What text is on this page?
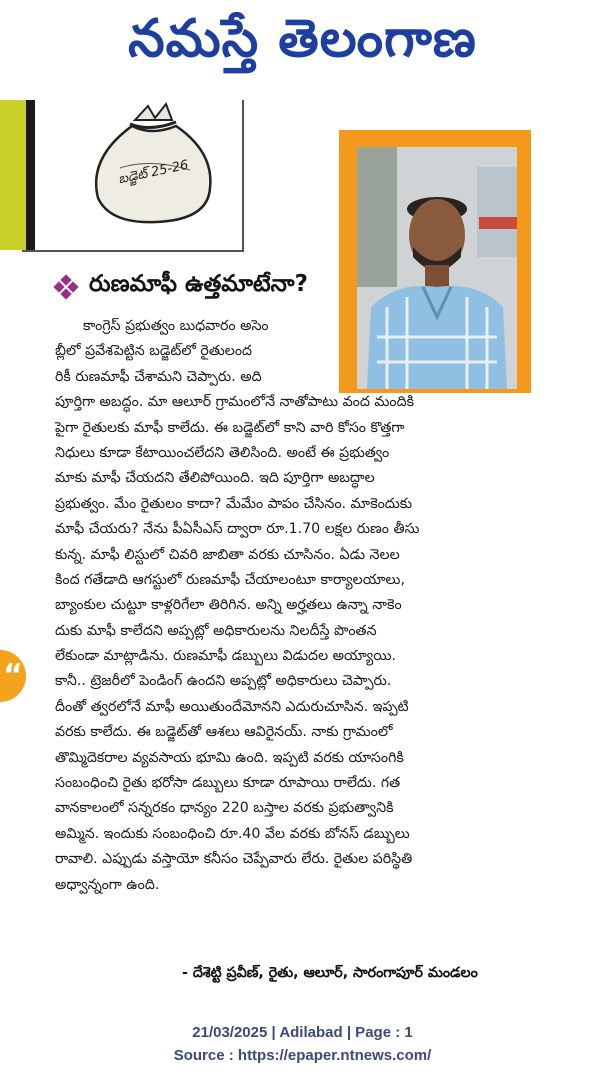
నమస్తే తెలంగాణ
బడ్జెట్ 25-26
రుణమాఫీ ఉత్తమాటేనా?
“
కాంగ్రెస్ ప్రభుత్వం బుధవారం అసెం
బ్లీలో ప్రవేశపెట్టిన బడ్జెట్‌లో రైతులంద
రికీ రుణమాఫీ చేశామని చెప్పారు. అది
పూర్తిగా అబద్ధం. మా ఆలూర్ గ్రామంలోనే నాతోపాటు వంద మందికి
పైగా రైతులకు మాఫీ కాలేదు. ఈ బడ్జెట్‌లో కాని వారి కోసం కొత్తగా
నిధులు కూడా కేటాయించలేదని తెలిసింది. అంటే ఈ ప్రభుత్వం
మాకు మాఫీ చేయదని తేలిపోయింది. ఇది పూర్తిగా అబద్ధాల
ప్రభుత్వం. మేం రైతులం కాదా? మేమేం పాపం చేసినం. మాకెందుకు
మాఫీ చేయరు? నేను పీఏసీఎస్ ద్వారా రూ.1.70 లక్షల రుణం తీసు
కున్న. మాఫీ లిస్టులో చివరి జాబితా వరకు చూసినం. ఏడు నెలల
కింద గతేడాది ఆగస్టులో రుణమాఫీ చేయాలంటూ కార్యాలయాలు,
బ్యాంకుల చుట్టూ కాళ్లరిగేలా తిరిగిన. అన్ని అర్హతలు ఉన్నా నాకెం
దుకు మాఫీ కాలేదని అప్పట్లో అధికారులను నిలదీస్తే పొంతన
లేకుండా మాట్లాడిను. రుణమాఫీ డబ్బులు విడుదల అయ్యాయి.
కానీ.. ట్రెజరీలో పెండింగ్ ఉందని అప్పట్లో అధికారులు చెప్పారు.
దీంతో త్వరలోనే మాఫీ అయితుందేమోనని ఎదురుచూసిన. ఇప్పటి
వరకు కాలేదు. ఈ బడ్జెట్‌తో ఆశలు ఆవిరైనయ్. నాకు గ్రామంలో
తొమ్మిదెకరాల వ్యవసాయ భూమి ఉంది. ఇప్పటి వరకు యాసంగికి
సంబంధించి రైతు భరోసా డబ్బులు కూడా రూపాయి రాలేదు. గత
వానకాలంలో సన్నరకం ధాన్యం 220 బస్తాల వరకు ప్రభుత్వానికి
అమ్మిన. ఇందుకు సంబంధించి రూ.40 వేల వరకు బోనస్ డబ్బులు
రావాలి. ఎప్పుడు వస్తాయో కనీసం చెప్పేవారు లేరు. రైతుల పరిస్థితి
అధ్వాన్నంగా ఉంది.
- దేశెట్టి ప్రవీణ్, రైతు, ఆలూర్, సారంగాపూర్ మండలం
21/03/2025 | Adilabad | Page : 1
Source : https://epaper.ntnews.com/
